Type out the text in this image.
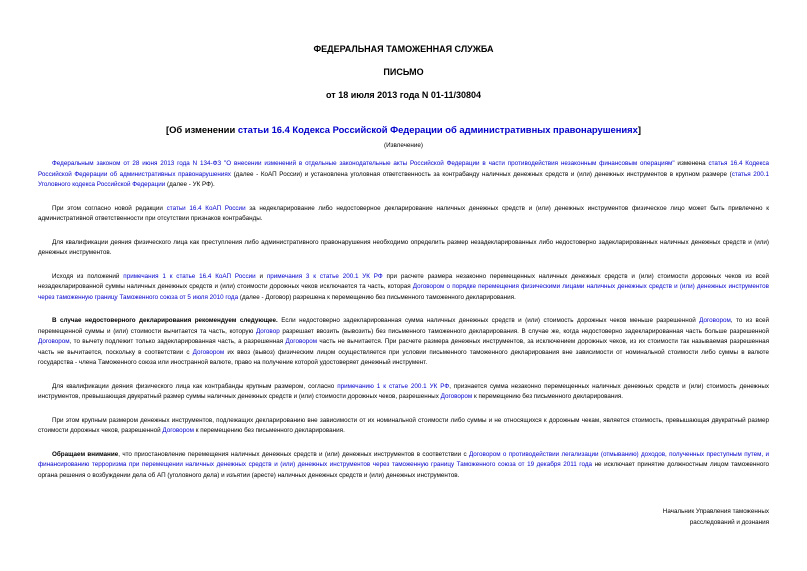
ФЕДЕРАЛЬНАЯ ТАМОЖЕННАЯ СЛУЖБА
ПИСЬМО
от 18 июля 2013 года N 01-11/30804
[Об изменении статьи 16.4 Кодекса Российской Федерации об административных правонарушениях]
(Извлечение)

Федеральным законом от 28 июня 2013 года N 134-ФЗ "О внесении изменений в отдельные законодательные акты Российской Федерации в части противодействия незаконным финансовым операциям" изменена статья 16.4 Кодекса Российской Федерации об административных правонарушениях (далее - КоАП России) и установлена уголовная ответственность за контрабанду наличных денежных средств и (или) денежных инструментов в крупном размере (статья 200.1 Уголовного кодекса Российской Федерации (далее - УК РФ).

При этом согласно новой редакции статьи 16.4 КоАП России за недекларирование либо недостоверное декларирование наличных денежных средств и (или) денежных инструментов физическое лицо может быть привлечено к административной ответственности при отсутствии признаков контрабанды.

Для квалификации деяния физического лица как преступления либо административного правонарушения необходимо определить размер незадекларированных либо недостоверно задекларированных наличных денежных средств и (или) денежных инструментов.

Исходя из положений примечания 1 к статье 16.4 КоАП России и примечания 3 к статье 200.1 УК РФ при расчете размера незаконно перемещенных наличных денежных средств и (или) стоимости дорожных чеков из всей незадекларированной суммы наличных денежных средств и (или) стоимости дорожных чеков исключается та часть, которая Договором о порядке перемещения физическими лицами наличных денежных средств и (или) денежных инструментов через таможенную границу Таможенного союза от 5 июля 2010 года (далее - Договор) разрешена к перемещению без письменного таможенного декларирования.

В случае недостоверного декларирования рекомендуем следующее. Если недостоверно задекларированная сумма наличных денежных средств и (или) стоимость дорожных чеков меньше разрешенной Договором, то из всей перемещенной суммы и (или) стоимости вычитается та часть, которую Договор разрешает ввозить (вывозить) без письменного таможенного декларирования. В случае же, когда недостоверно задекларированная часть больше разрешенной Договором, то вычету подлежит только задекларированная часть, а разрешенная Договором часть не вычитается. При расчете размера денежных инструментов, за исключением дорожных чеков, из их стоимости так называемая разрешенная часть не вычитается, поскольку в соответствии с Договором их ввоз (вывоз) физическим лицом осуществляется при условии письменного таможенного декларирования вне зависимости от номинальной стоимости либо суммы в валюте государства - члена Таможенного союза или иностранной валюте, право на получение которой удостоверяет денежный инструмент.

Для квалификации деяния физического лица как контрабанды крупным размером, согласно примечанию 1 к статье 200.1 УК РФ, признается сумма незаконно перемещенных наличных денежных средств и (или) стоимость денежных инструментов, превышающая двукратный размер суммы наличных денежных средств и (или) стоимости дорожных чеков, разрешенных Договором к перемещению без письменного декларирования.

При этом крупным размером денежных инструментов, подлежащих декларированию вне зависимости от их номинальной стоимости либо суммы и не относящихся к дорожным чекам, является стоимость, превышающая двукратный размер стоимости дорожных чеков, разрешенной Договором к перемещению без письменного декларирования.

Обращаем внимание, что приостановление перемещения наличных денежных средств и (или) денежных инструментов в соответствии с Договором о противодействии легализации (отмыванию) доходов, полученных преступным путем, и финансированию терроризма при перемещении наличных денежных средств и (или) денежных инструментов через таможенную границу Таможенного союза от 19 декабря 2011 года не исключает принятие должностным лицом таможенного органа решения о возбуждении дела об АП (уголовного дела) и изъятии (аресте) наличных денежных средств и (или) денежных инструментов.

Начальник Управления таможенных
расследований и дознания
